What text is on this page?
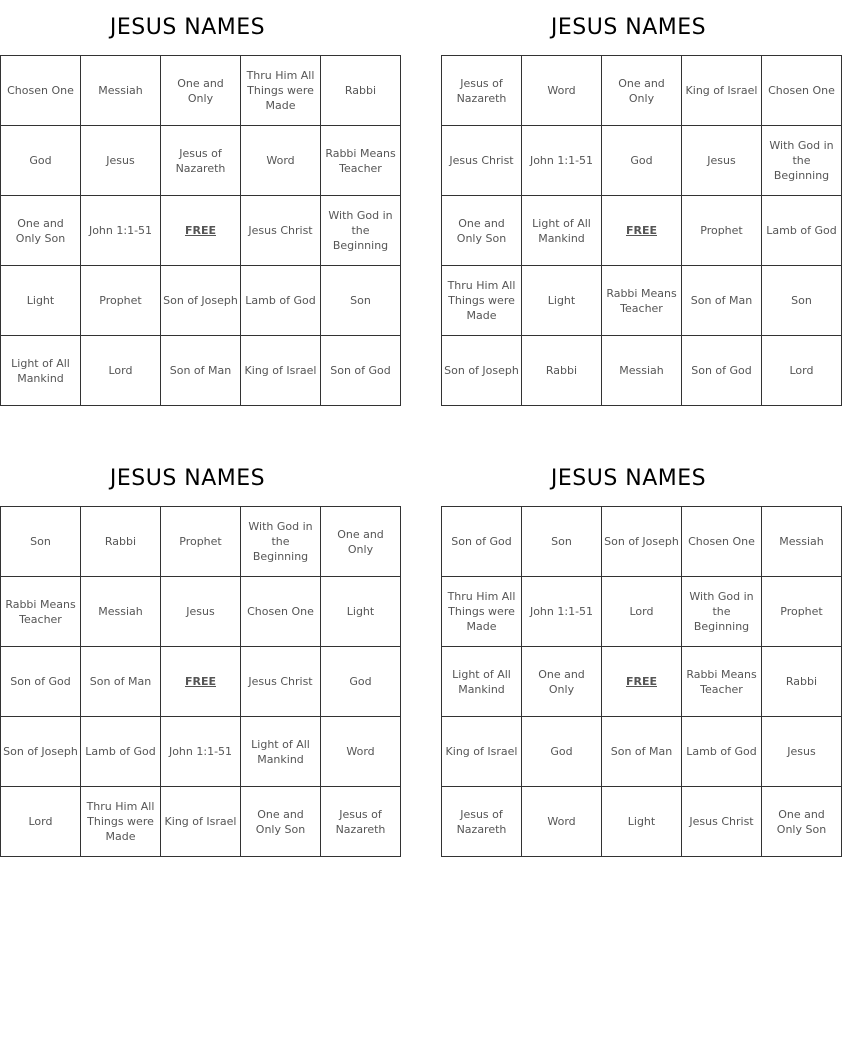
JESUS NAMES
Chosen One	Messiah	One and Only	Thru Him All Things were Made	Rabbi
God	Jesus	Jesus of Nazareth	Word	Rabbi Means Teacher
One and Only Son	John 1:1-51	FREE	Jesus Christ	With God in the Beginning
Light	Prophet	Son of Joseph	Lamb of God	Son
Light of All Mankind	Lord	Son of Man	King of Israel	Son of God
JESUS NAMES
Jesus of Nazareth	Word	One and Only	King of Israel	Chosen One
Jesus Christ	John 1:1-51	God	Jesus	With God in the Beginning
One and Only Son	Light of All Mankind	FREE	Prophet	Lamb of God
Thru Him All Things were Made	Light	Rabbi Means Teacher	Son of Man	Son
Son of Joseph	Rabbi	Messiah	Son of God	Lord
JESUS NAMES
Son	Rabbi	Prophet	With God in the Beginning	One and Only
Rabbi Means Teacher	Messiah	Jesus	Chosen One	Light
Son of God	Son of Man	FREE	Jesus Christ	God
Son of Joseph	Lamb of God	John 1:1-51	Light of All Mankind	Word
Lord	Thru Him All Things were Made	King of Israel	One and Only Son	Jesus of Nazareth
JESUS NAMES
Son of God	Son	Son of Joseph	Chosen One	Messiah
Thru Him All Things were Made	John 1:1-51	Lord	With God in the Beginning	Prophet
Light of All Mankind	One and Only	FREE	Rabbi Means Teacher	Rabbi
King of Israel	God	Son of Man	Lamb of God	Jesus
Jesus of Nazareth	Word	Light	Jesus Christ	One and Only Son
